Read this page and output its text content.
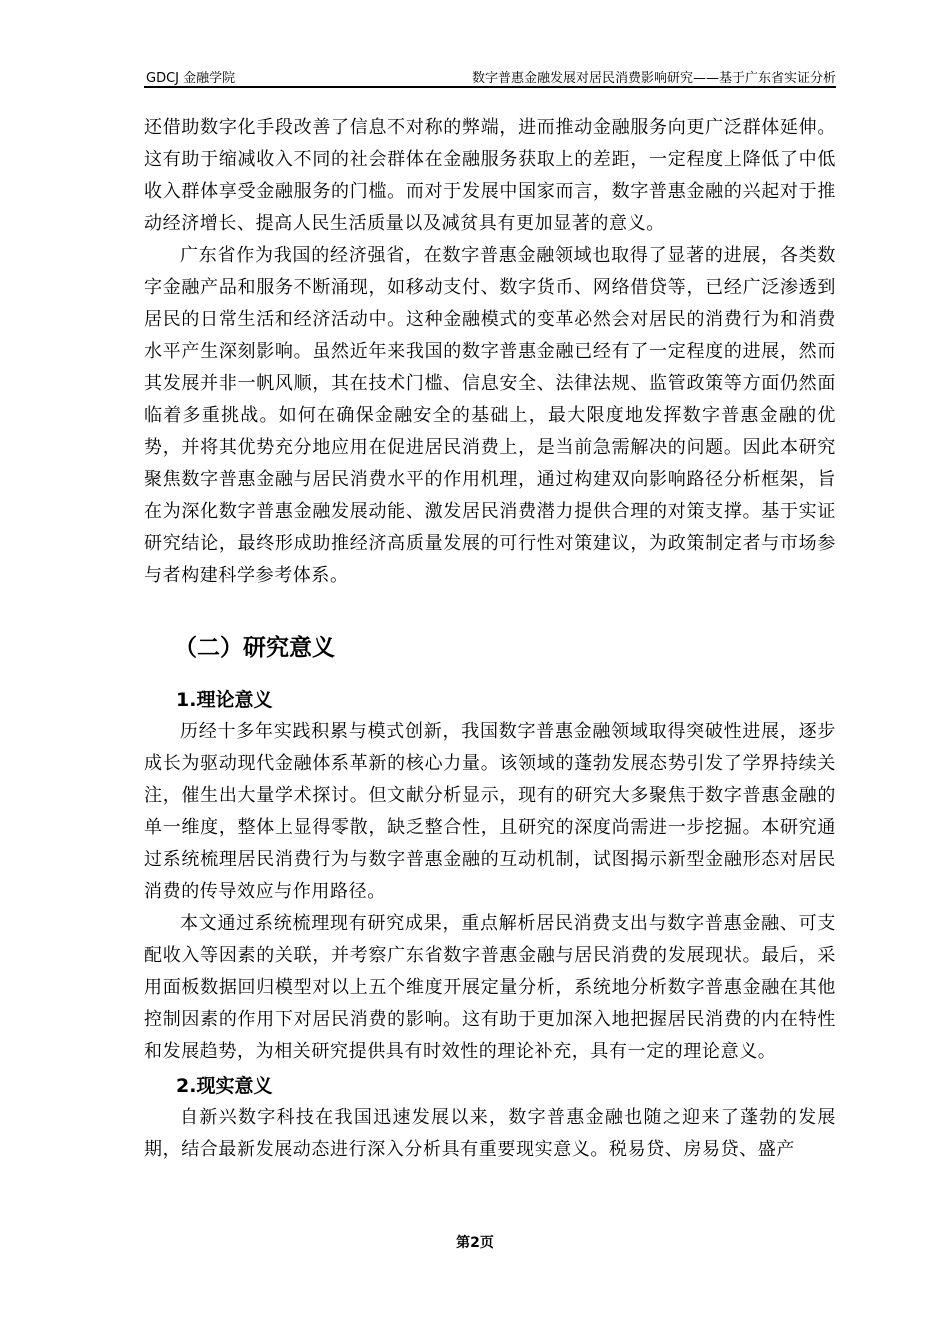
GDCJ 金融学院	数字普惠金融发展对居民消费影响研究——基于广东省实证分析

还借助数字化手段改善了信息不对称的弊端，进而推动金融服务向更广泛群体延伸。这有助于缩减收入不同的社会群体在金融服务获取上的差距，一定程度上降低了中低收入群体享受金融服务的门槛。而对于发展中国家而言，数字普惠金融的兴起对于推动经济增长、提高人民生活质量以及减贫具有更加显著的意义。

广东省作为我国的经济强省，在数字普惠金融领域也取得了显著的进展，各类数字金融产品和服务不断涌现，如移动支付、数字货币、网络借贷等，已经广泛渗透到居民的日常生活和经济活动中。这种金融模式的变革必然会对居民的消费行为和消费水平产生深刻影响。虽然近年来我国的数字普惠金融已经有了一定程度的进展，然而其发展并非一帆风顺，其在技术门槛、信息安全、法律法规、监管政策等方面仍然面临着多重挑战。如何在确保金融安全的基础上，最大限度地发挥数字普惠金融的优势，并将其优势充分地应用在促进居民消费上，是当前急需解决的问题。因此本研究聚焦数字普惠金融与居民消费水平的作用机理，通过构建双向影响路径分析框架，旨在为深化数字普惠金融发展动能、激发居民消费潜力提供合理的对策支撑。基于实证研究结论，最终形成助推经济高质量发展的可行性对策建议，为政策制定者与市场参与者构建科学参考体系。

（二）研究意义
1.理论意义

历经十多年实践积累与模式创新，我国数字普惠金融领域取得突破性进展，逐步成长为驱动现代金融体系革新的核心力量。该领域的蓬勃发展态势引发了学界持续关注，催生出大量学术探讨。但文献分析显示，现有的研究大多聚焦于数字普惠金融的单一维度，整体上显得零散，缺乏整合性，且研究的深度尚需进一步挖掘。本研究通过系统梳理居民消费行为与数字普惠金融的互动机制，试图揭示新型金融形态对居民消费的传导效应与作用路径。

本文通过系统梳理现有研究成果，重点解析居民消费支出与数字普惠金融、可支配收入等因素的关联，并考察广东省数字普惠金融与居民消费的发展现状。最后，采用面板数据回归模型对以上五个维度开展定量分析，系统地分析数字普惠金融在其他控制因素的作用下对居民消费的影响。这有助于更加深入地把握居民消费的内在特性和发展趋势，为相关研究提供具有时效性的理论补充，具有一定的理论意义。

2.现实意义

自新兴数字科技在我国迅速发展以来，数字普惠金融也随之迎来了蓬勃的发展期，结合最新发展动态进行深入分析具有重要现实意义。税易贷、房易贷、盛产

第2页
